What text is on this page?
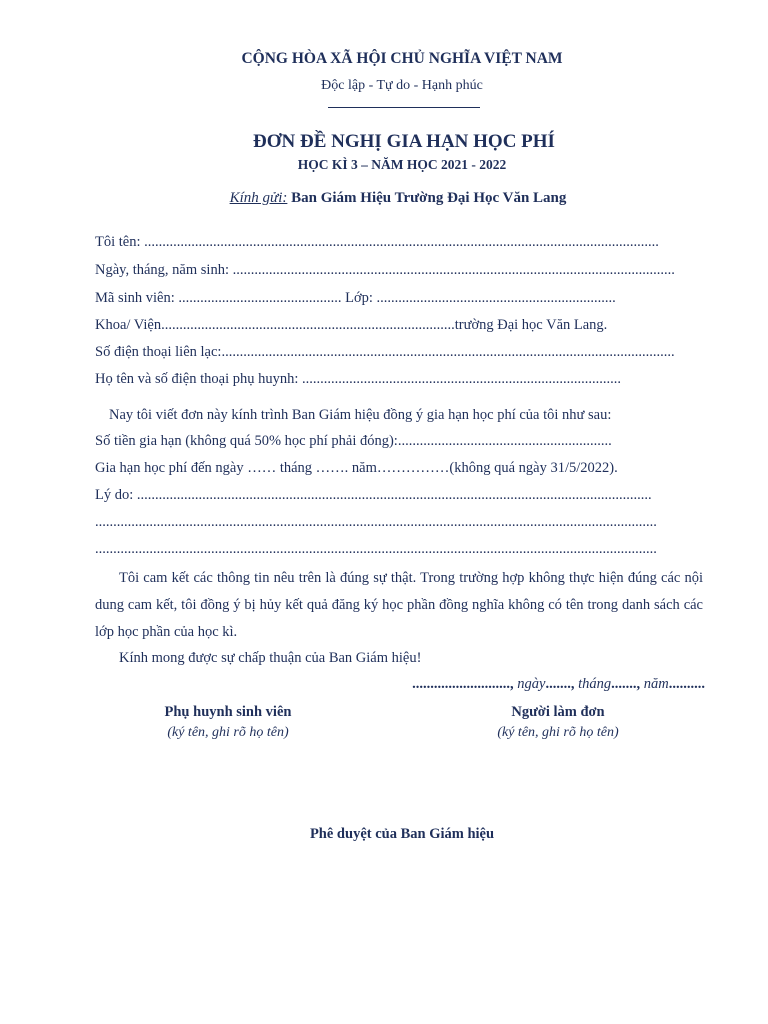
CỘNG HÒA XÃ HỘI CHỦ NGHĨA VIỆT NAM
Độc lập - Tự do - Hạnh phúc
ĐƠN ĐỀ NGHỊ GIA HẠN HỌC PHÍ
HỌC KÌ 3 – NĂM HỌC 2021 - 2022
Kính gửi: Ban Giám Hiệu Trường Đại Học Văn Lang
Tôi tên: ..............................................................................................................................................
Ngày, tháng, năm sinh: ..........................................................................................................................
Mã sinh viên: ............................................. Lớp: ..................................................................
Khoa/ Viện.................................................................................trường Đại học Văn Lang.
Số điện thoại liên lạc:.............................................................................................................................
Họ tên và số điện thoại phụ huynh: ........................................................................................
Nay tôi viết đơn này kính trình Ban Giám hiệu đồng ý gia hạn học phí của tôi như sau:
Số tiền gia hạn (không quá 50% học phí phải đóng):...........................................................
Gia hạn học phí đến ngày …… tháng ……. năm……………(không quá ngày 31/5/2022).
Lý do: ..............................................................................................................................................
...........................................................................................................................................................
...........................................................................................................................................................
Tôi cam kết các thông tin nêu trên là đúng sự thật. Trong trường hợp không thực hiện đúng các nội dung cam kết, tôi đồng ý bị hủy kết quả đăng ký học phần đồng nghĩa không có tên trong danh sách các lớp học phần của học kì.
Kính mong được sự chấp thuận của Ban Giám hiệu!
..........................., ngày......., tháng......., năm..........
Phụ huynh sinh viên
(ký tên, ghi rõ họ tên)
Người làm đơn
(ký tên, ghi rõ họ tên)
Phê duyệt của Ban Giám hiệu
